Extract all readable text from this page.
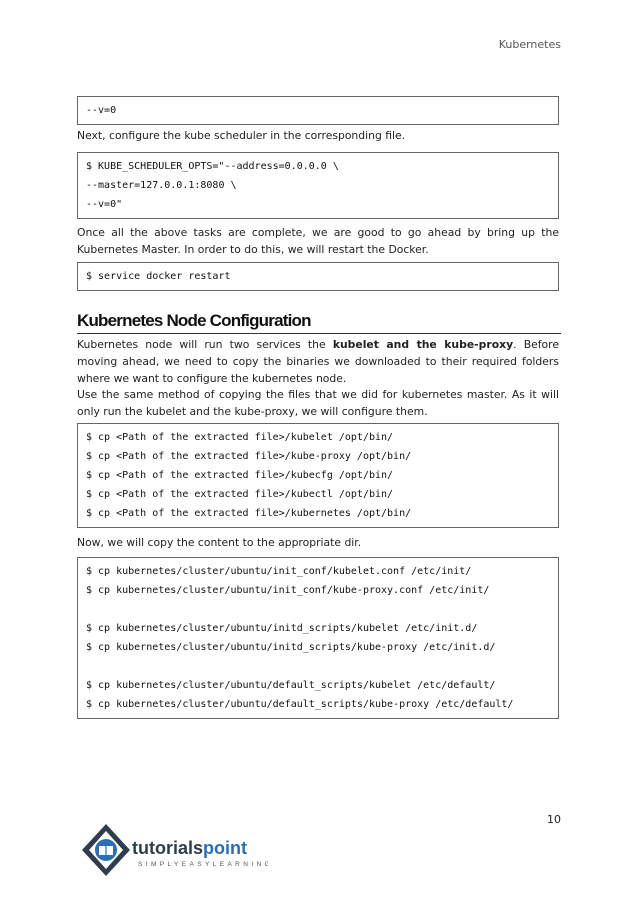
Kubernetes
--v=0
Next, configure the kube scheduler in the corresponding file.
$ KUBE_SCHEDULER_OPTS="--address=0.0.0.0 \
--master=127.0.0.1:8080 \
--v=0"
Once all the above tasks are complete, we are good to go ahead by bring up the Kubernetes Master. In order to do this, we will restart the Docker.
$ service docker restart
Kubernetes Node Configuration
Kubernetes node will run two services the kubelet and the kube-proxy. Before moving ahead, we need to copy the binaries we downloaded to their required folders where we want to configure the kubernetes node.
Use the same method of copying the files that we did for kubernetes master. As it will only run the kubelet and the kube-proxy, we will configure them.
$ cp <Path of the extracted file>/kubelet /opt/bin/
$ cp <Path of the extracted file>/kube-proxy /opt/bin/
$ cp <Path of the extracted file>/kubecfg /opt/bin/
$ cp <Path of the extracted file>/kubectl /opt/bin/
$ cp <Path of the extracted file>/kubernetes /opt/bin/
Now, we will copy the content to the appropriate dir.
$ cp kubernetes/cluster/ubuntu/init_conf/kubelet.conf /etc/init/
$ cp kubernetes/cluster/ubuntu/init_conf/kube-proxy.conf /etc/init/
$ cp kubernetes/cluster/ubuntu/initd_scripts/kubelet /etc/init.d/
$ cp kubernetes/cluster/ubuntu/initd_scripts/kube-proxy /etc/init.d/
$ cp kubernetes/cluster/ubuntu/default_scripts/kubelet /etc/default/
$ cp kubernetes/cluster/ubuntu/default_scripts/kube-proxy /etc/default/
10
tutorialspoint
SIMPLYEASYLEARNING
